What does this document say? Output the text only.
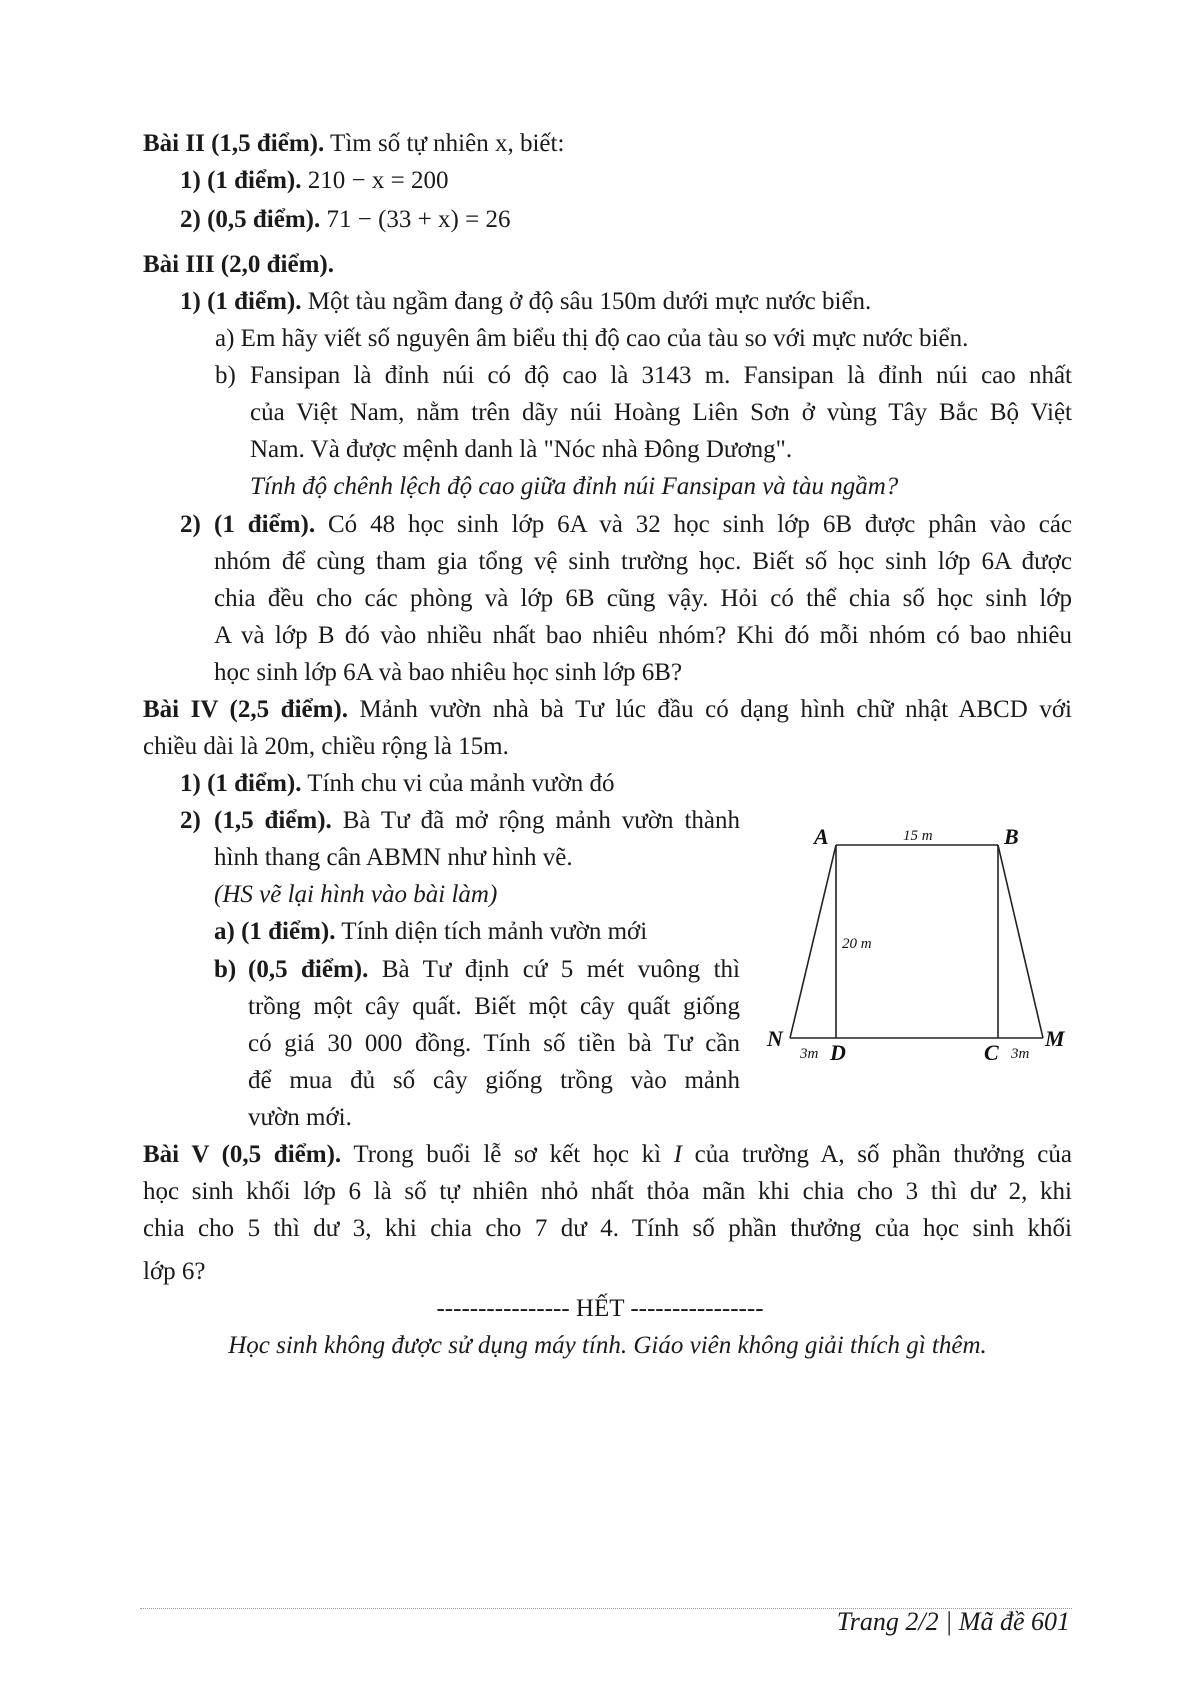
Bài II (1,5 điểm). Tìm số tự nhiên x, biết:
1) (1 điểm). 210 − x = 200
2) (0,5 điểm). 71 − (33 + x) = 26
Bài III (2,0 điểm).
1) (1 điểm). Một tàu ngầm đang ở độ sâu 150m dưới mực nước biển.
a) Em hãy viết số nguyên âm biểu thị độ cao của tàu so với mực nước biển.
b) Fansipan là đỉnh núi có độ cao là 3143 m. Fansipan là đỉnh núi cao nhất
của Việt Nam, nằm trên dãy núi Hoàng Liên Sơn ở vùng Tây Bắc Bộ Việt
Nam. Và được mệnh danh là "Nóc nhà Đông Dương".
Tính độ chênh lệch độ cao giữa đỉnh núi Fansipan và tàu ngầm?
2) (1 điểm). Có 48 học sinh lớp 6A và 32 học sinh lớp 6B được phân vào các
nhóm để cùng tham gia tổng vệ sinh trường học. Biết số học sinh lớp 6A được
chia đều cho các phòng và lớp 6B cũng vậy. Hỏi có thể chia số học sinh lớp
A và lớp B đó vào nhiều nhất bao nhiêu nhóm? Khi đó mỗi nhóm có bao nhiêu
học sinh lớp 6A và bao nhiêu học sinh lớp 6B?
Bài IV (2,5 điểm). Mảnh vườn nhà bà Tư lúc đầu có dạng hình chữ nhật ABCD với
chiều dài là 20m, chiều rộng là 15m.
1) (1 điểm). Tính chu vi của mảnh vườn đó
2) (1,5 điểm). Bà Tư đã mở rộng mảnh vườn thành
hình thang cân ABMN như hình vẽ.
(HS vẽ lại hình vào bài làm)
a) (1 điểm). Tính diện tích mảnh vườn mới
b) (0,5 điểm). Bà Tư định cứ 5 mét vuông thì
trồng một cây quất. Biết một cây quất giống
có giá 30 000 đồng. Tính số tiền bà Tư cần
để mua đủ số cây giống trồng vào mảnh
vườn mới.
A	B
N
D	C
M
15 m
20 m
3m	3m
Bài V (0,5 điểm). Trong buổi lễ sơ kết học kì I của trường A, số phần thưởng của
học sinh khối lớp 6 là số tự nhiên nhỏ nhất thỏa mãn khi chia cho 3 thì dư 2, khi
chia cho 5 thì dư 3, khi chia cho 7 dư 4. Tính số phần thưởng của học sinh khối
lớp 6?
---------------- HẾT ----------------
Học sinh không được sử dụng máy tính. Giáo viên không giải thích gì thêm.
Trang 2/2 | Mã đề 601
